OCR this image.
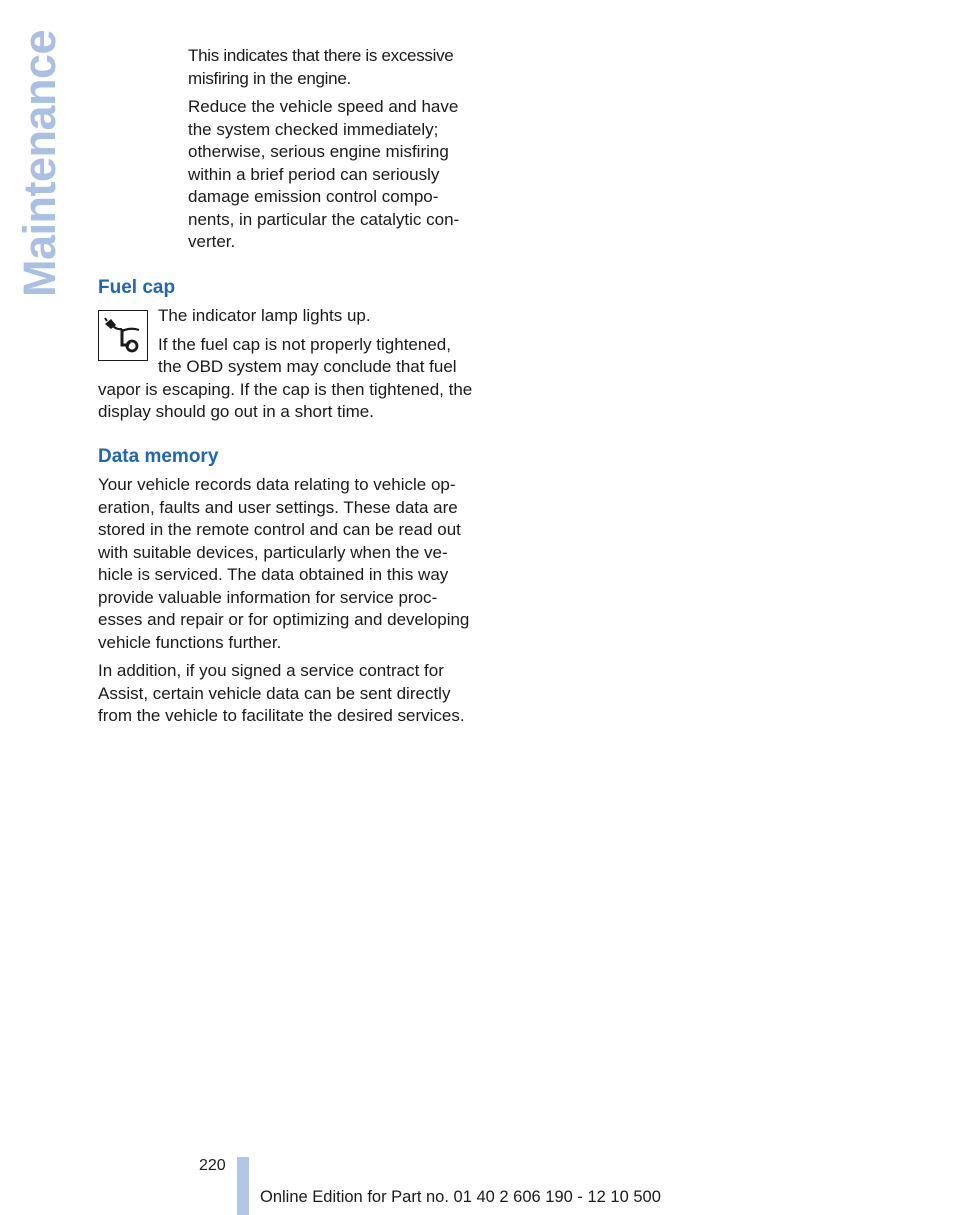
Maintenance	This indicates that there is excessive misfiring in the engine.

Reduce the vehicle speed and have the system checked immediately; otherwise, serious engine misfiring within a brief period can seriously damage emission control components, in particular the catalytic converter.

Fuel cap

The indicator lamp lights up.

If the fuel cap is not properly tightened, the OBD system may conclude that fuel vapor is escaping. If the cap is then tightened, the display should go out in a short time.

Data memory

Your vehicle records data relating to vehicle operation, faults and user settings. These data are stored in the remote control and can be read out with suitable devices, particularly when the vehicle is serviced. The data obtained in this way provide valuable information for service processes and repair or for optimizing and developing vehicle functions further.

In addition, if you signed a service contract for Assist, certain vehicle data can be sent directly from the vehicle to facilitate the desired services.

220
Online Edition for Part no. 01 40 2 606 190 - 12 10 500
